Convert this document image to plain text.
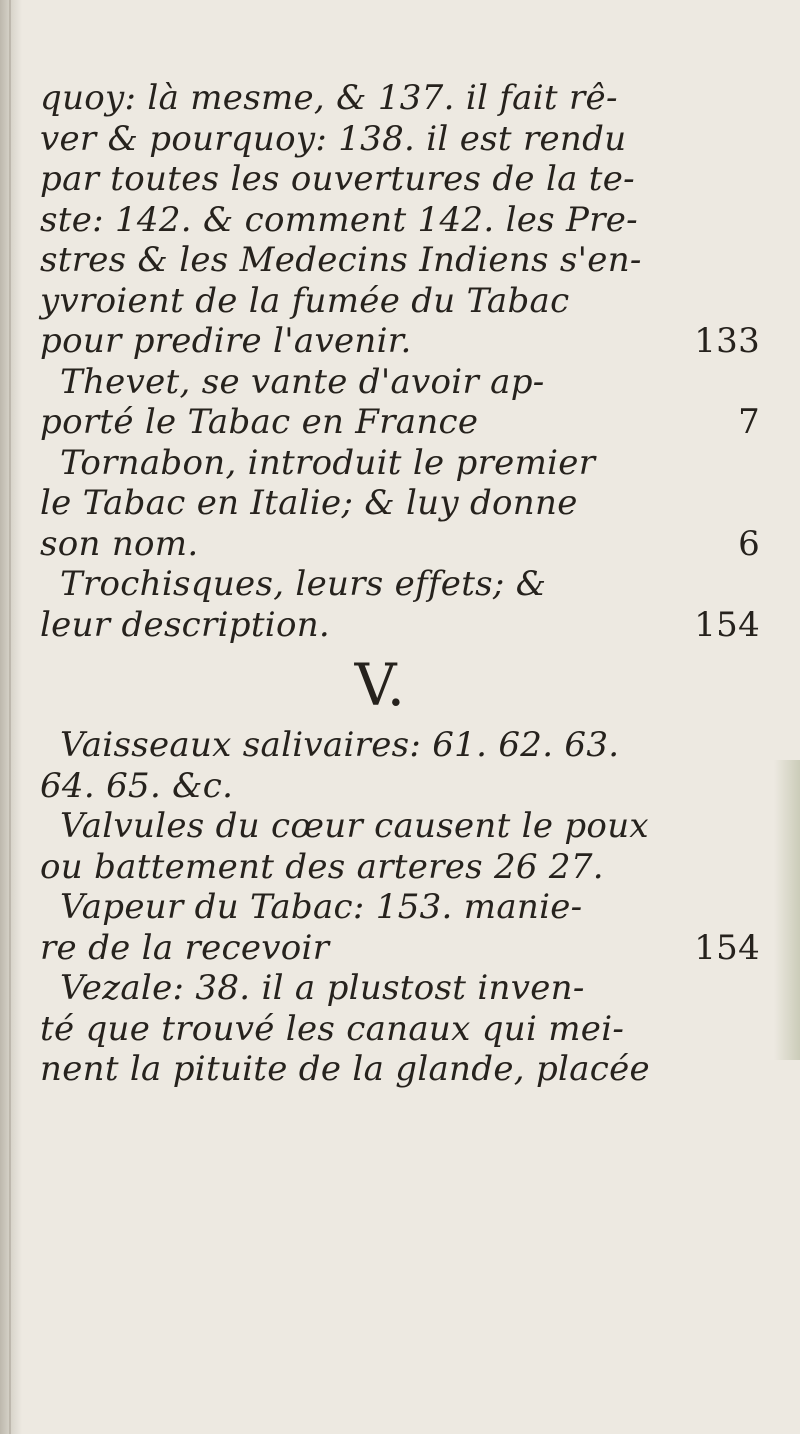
quoy: là mesme, & 137. il fait rê-
ver & pourquoy: 138. il est rendu
par toutes les ouvertures de la te-
ste: 142. & comment 142. les Pre-
stres & les Medecins Indiens s'en-
yvroient de la fumée du Tabac
pour predire l'avenir.	133
Thevet, se vante d'avoir ap-
porté le Tabac en France	7
Tornabon, introduit le premier
le Tabac en Italie; & luy donne
son nom.	6
Trochisques, leurs effets; &
leur description.	154
V.
Vaisseaux salivaires: 61. 62. 63.
64. 65. &c.
Valvules du cœur causent le poux
ou battement des arteres 26 27.
Vapeur du Tabac: 153. manie-
re de la recevoir	154
Vezale: 38. il a plustost inven-
té que trouvé les canaux qui mei-
nent la pituite de la glande, placée
